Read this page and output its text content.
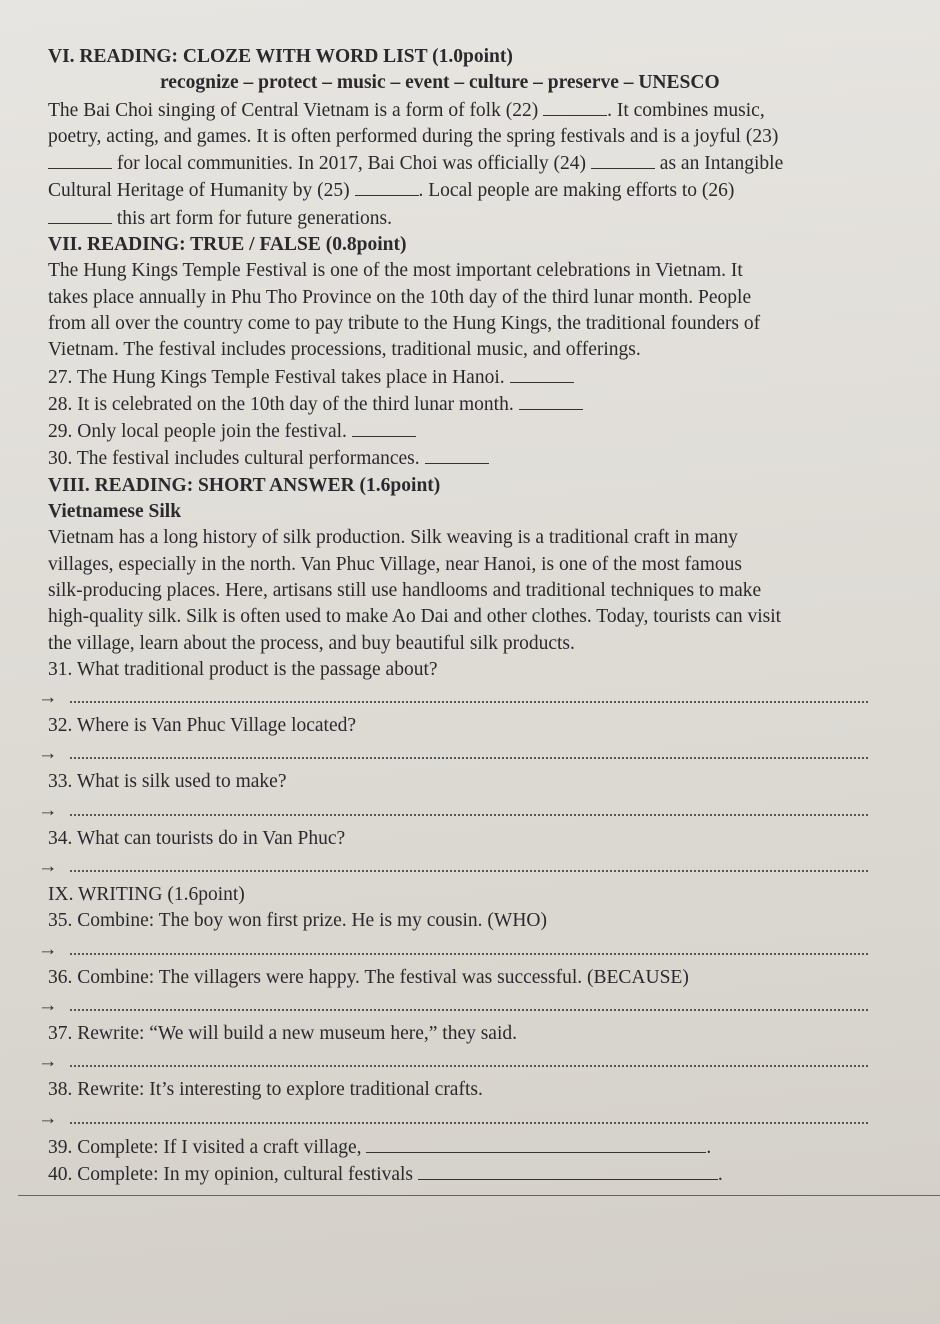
VI. READING: CLOZE WITH WORD LIST (1.0point)
recognize – protect – music – event – culture – preserve – UNESCO
The Bai Choi singing of Central Vietnam is a form of folk (22)	. It combines music,
poetry, acting, and games. It is often performed during the spring festivals and is a joyful (23)
for local communities. In 2017, Bai Choi was officially (24)	as an Intangible
Cultural Heritage of Humanity by (25)	. Local people are making efforts to (26)
this art form for future generations.
VII. READING: TRUE / FALSE (0.8point)
The Hung Kings Temple Festival is one of the most important celebrations in Vietnam. It
takes place annually in Phu Tho Province on the 10th day of the third lunar month. People
from all over the country come to pay tribute to the Hung Kings, the traditional founders of
Vietnam. The festival includes processions, traditional music, and offerings.
27. The Hung Kings Temple Festival takes place in Hanoi.
28. It is celebrated on the 10th day of the third lunar month.
29. Only local people join the festival.
30. The festival includes cultural performances.
VIII. READING: SHORT ANSWER (1.6point)
Vietnamese Silk
Vietnam has a long history of silk production. Silk weaving is a traditional craft in many
villages, especially in the north. Van Phuc Village, near Hanoi, is one of the most famous
silk-producing places. Here, artisans still use handlooms and traditional techniques to make
high-quality silk. Silk is often used to make Ao Dai and other clothes. Today, tourists can visit
the village, learn about the process, and buy beautiful silk products.
31. What traditional product is the passage about?
→
32. Where is Van Phuc Village located?
→
33. What is silk used to make?
→
34. What can tourists do in Van Phuc?
→
IX. WRITING (1.6point)
35. Combine: The boy won first prize. He is my cousin. (WHO)
→
36. Combine: The villagers were happy. The festival was successful. (BECAUSE)
→
37. Rewrite: “We will build a new museum here,” they said.
→
38. Rewrite: It’s interesting to explore traditional crafts.
→
39. Complete: If I visited a craft village,	.
40. Complete: In my opinion, cultural festivals	.
